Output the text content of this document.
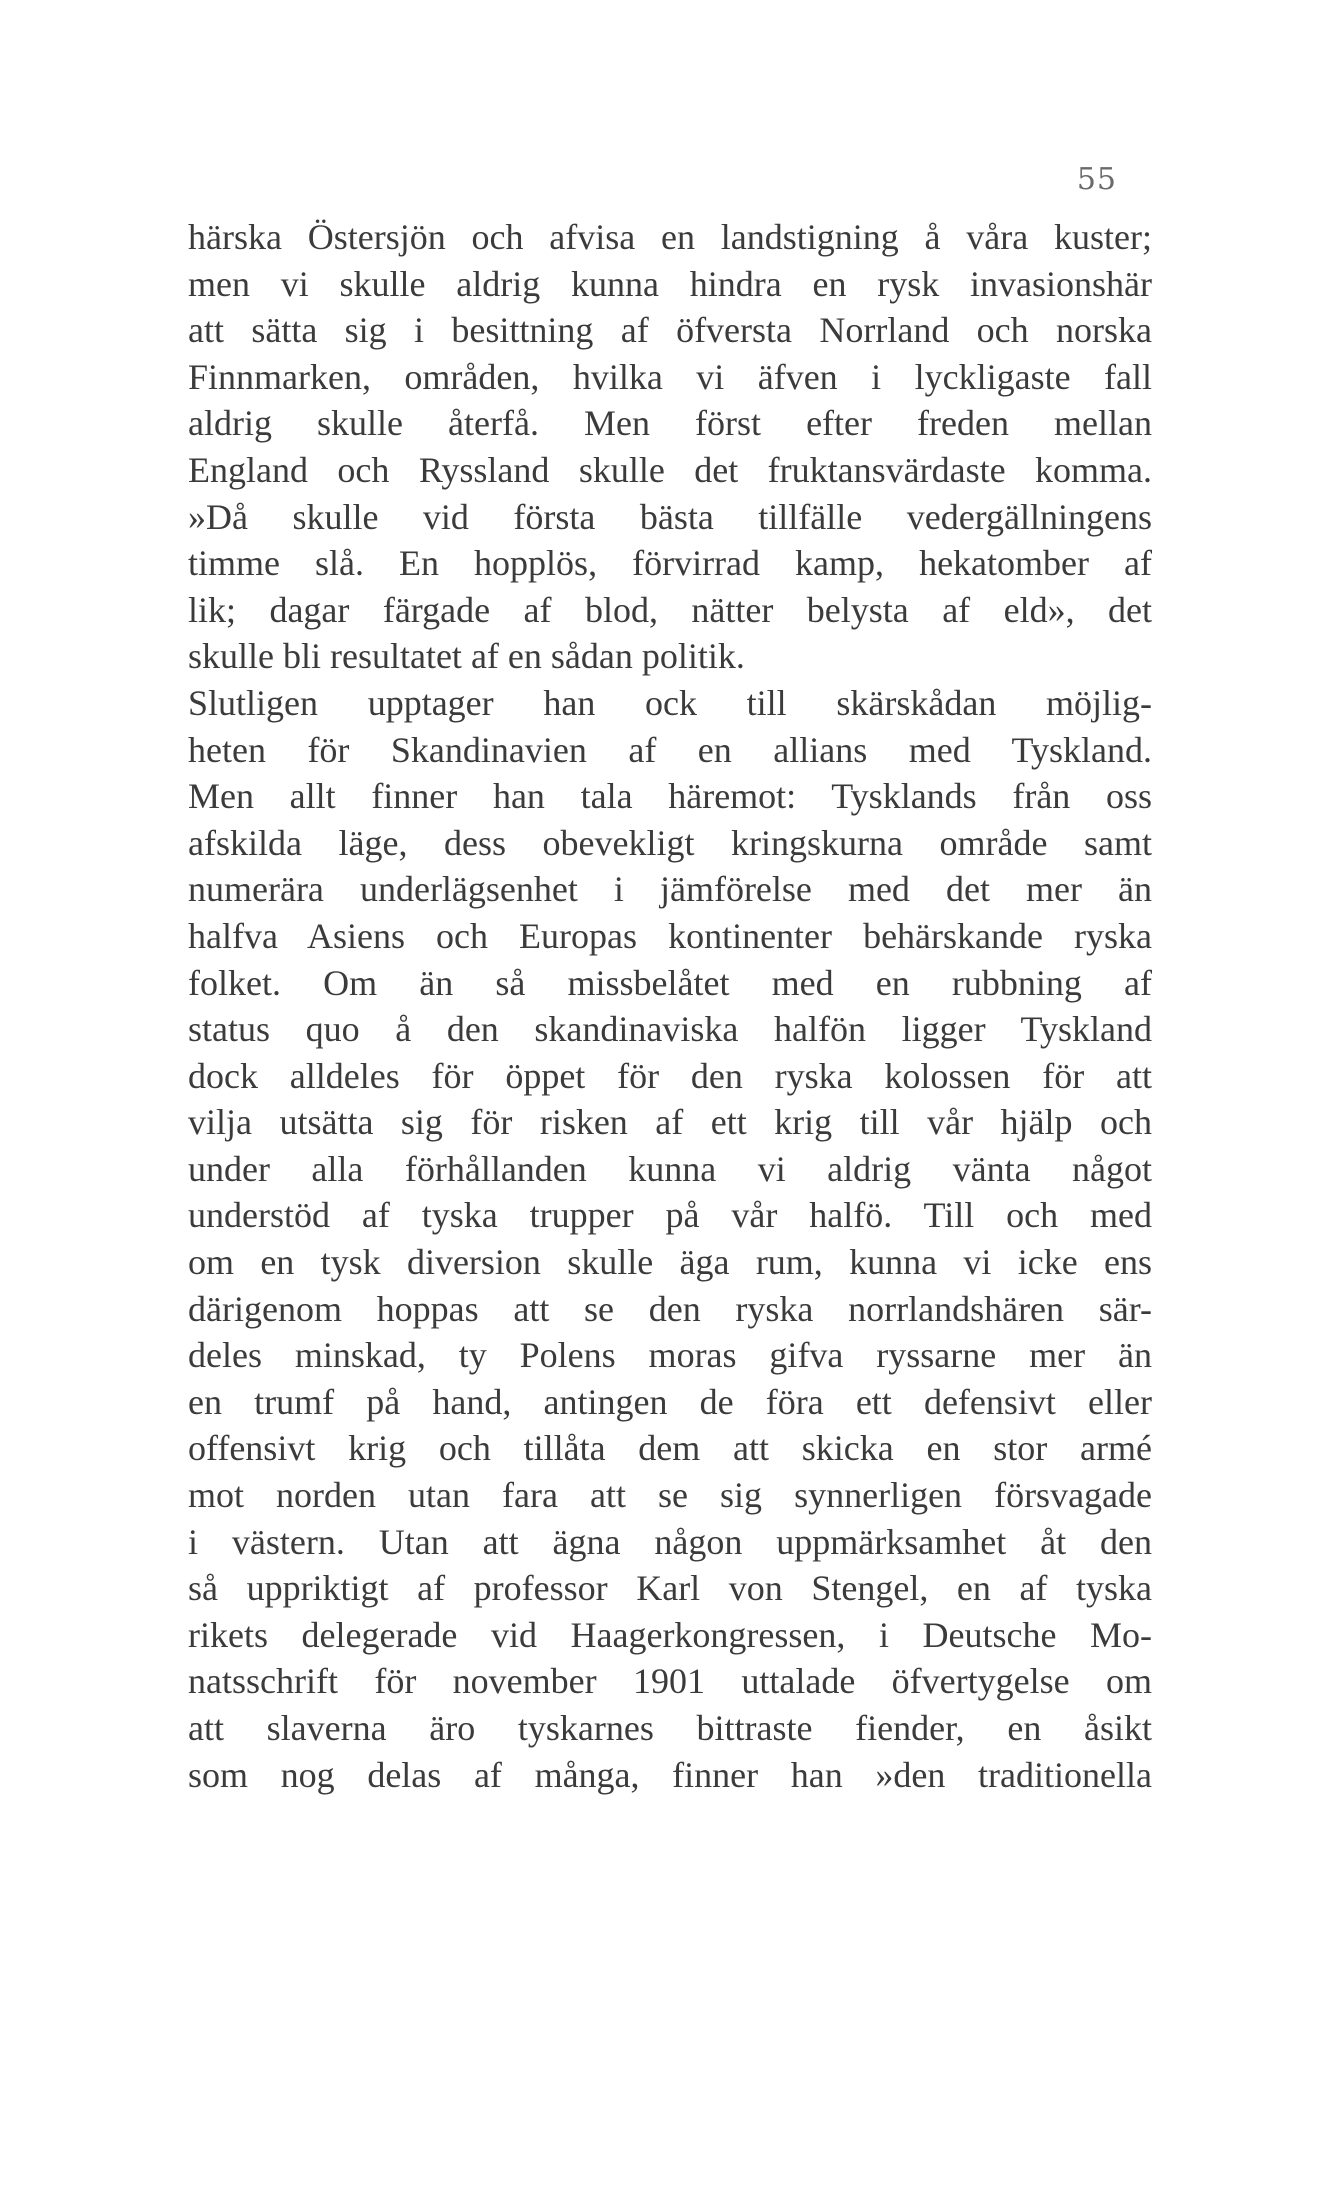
55
härska Östersjön och afvisa en landstigning å våra kuster;
men vi skulle aldrig kunna hindra en rysk invasionshär
att sätta sig i besittning af öfversta Norrland och norska
Finnmarken, områden, hvilka vi äfven i lyckligaste fall
aldrig skulle återfå. Men först efter freden mellan
England och Ryssland skulle det fruktansvärdaste komma.
»Då skulle vid första bästa tillfälle vedergällningens
timme slå. En hopplös, förvirrad kamp, hekatomber af
lik; dagar färgade af blod, nätter belysta af eld», det
skulle bli resultatet af en sådan politik.
Slutligen upptager han ock till skärskådan möjlig-
heten för Skandinavien af en allians med Tyskland.
Men allt finner han tala häremot: Tysklands från oss
afskilda läge, dess obevekligt kringskurna område samt
numerära underlägsenhet i jämförelse med det mer än
halfva Asiens och Europas kontinenter behärskande ryska
folket. Om än så missbelåtet med en rubbning af
status quo å den skandinaviska halfön ligger Tyskland
dock alldeles för öppet för den ryska kolossen för att
vilja utsätta sig för risken af ett krig till vår hjälp och
under alla förhållanden kunna vi aldrig vänta något
understöd af tyska trupper på vår halfö. Till och med
om en tysk diversion skulle äga rum, kunna vi icke ens
därigenom hoppas att se den ryska norrlandshären sär-
deles minskad, ty Polens moras gifva ryssarne mer än
en trumf på hand, antingen de föra ett defensivt eller
offensivt krig och tillåta dem att skicka en stor armé
mot norden utan fara att se sig synnerligen försvagade
i västern. Utan att ägna någon uppmärksamhet åt den
så uppriktigt af professor Karl von Stengel, en af tyska
rikets delegerade vid Haagerkongressen, i Deutsche Mo-
natsschrift för november 1901 uttalade öfvertygelse om
att slaverna äro tyskarnes bittraste fiender, en åsikt
som nog delas af många, finner han »den traditionella
